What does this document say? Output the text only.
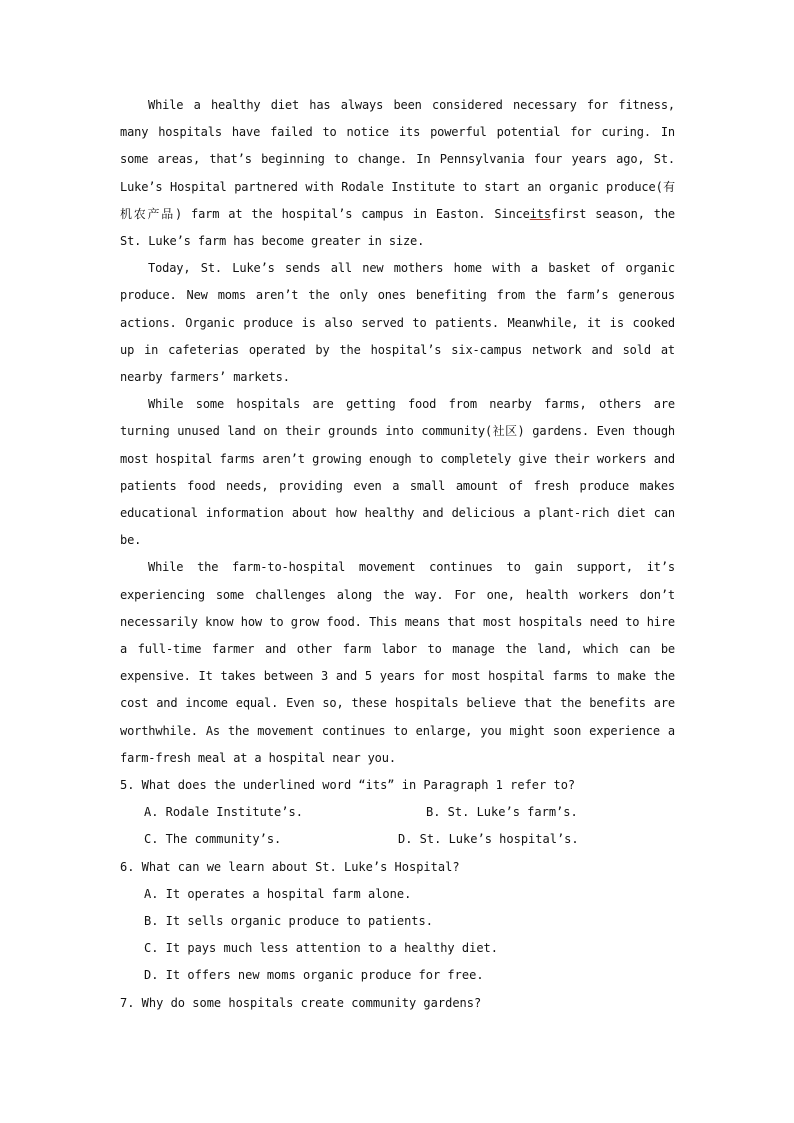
While a healthy diet has always been considered necessary for fitness, many hospitals have failed to notice its powerful potential for curing. In some areas, that’s beginning to change. In Pennsylvania four years ago, St. Luke’s Hospital partnered with Rodale Institute to start an organic produce(有机农产品) farm at the hospital’s campus in Easton. Sinceitsfirst season, the St. Luke’s farm has become greater in size.

Today, St. Luke’s sends all new mothers home with a basket of organic produce. New moms aren’t the only ones benefiting from the farm’s generous actions. Organic produce is also served to patients. Meanwhile, it is cooked up in cafeterias operated by the hospital’s six-campus network and sold at nearby farmers’ markets.

While some hospitals are getting food from nearby farms, others are turning unused land on their grounds into community(社区) gardens. Even though most hospital farms aren’t growing enough to completely give their workers and patients food needs, providing even a small amount of fresh produce makes educational information about how healthy and delicious a plant-rich diet can be.

While the farm-to-hospital movement continues to gain support, it’s experiencing some challenges along the way. For one, health workers don’t necessarily know how to grow food. This means that most hospitals need to hire a full-time farmer and other farm labor to manage the land, which can be expensive. It takes between 3 and 5 years for most hospital farms to make the cost and income equal. Even so, these hospitals believe that the benefits are worthwhile. As the movement continues to enlarge, you might soon experience a farm-fresh meal at a hospital near you.

5. What does the underlined word “its” in Paragraph 1 refer to?

A. Rodale Institute’s.	B. St. Luke’s farm’s.
C. The community’s.	D. St. Luke’s hospital’s.

6. What can we learn about St. Luke’s Hospital?

A. It operates a hospital farm alone.

B. It sells organic produce to patients.

C. It pays much less attention to a healthy diet.

D. It offers new moms organic produce for free.

7. Why do some hospitals create community gardens?
